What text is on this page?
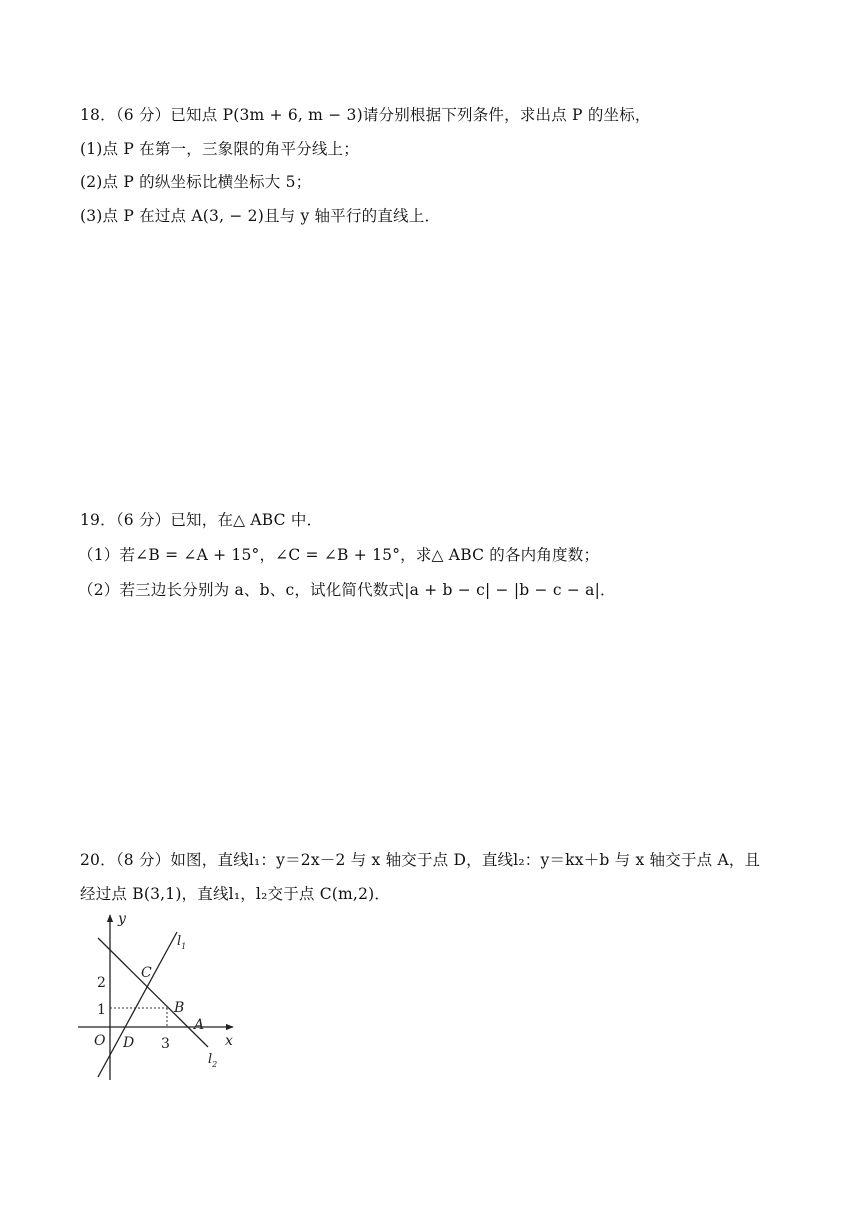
18．（6 分）已知点 P(3m + 6, m − 3)请分别根据下列条件，求出点 P 的坐标，
(1)点 P 在第一，三象限的角平分线上；
(2)点 P 的纵坐标比横坐标大 5；
(3)点 P 在过点 A(3, − 2)且与 y 轴平行的直线上．
19．（6 分）已知，在△ ABC 中．
（1）若∠B = ∠A + 15°，∠C = ∠B + 15°，求△ ABC 的各内角度数；
（2）若三边长分别为 a、b、c，试化简代数式|a + b − c| − |b − c − a|．
20．（8 分）如图，直线l₁：y＝2x－2 与 x 轴交于点 D，直线l₂：y＝kx＋b 与 x 轴交于点 A，且
经过点 B(3,1)，直线l₁，l₂交于点 C(m,2)．
y
x
O
2
1
3
C
B
A
D
$l_1$
$l_2$
